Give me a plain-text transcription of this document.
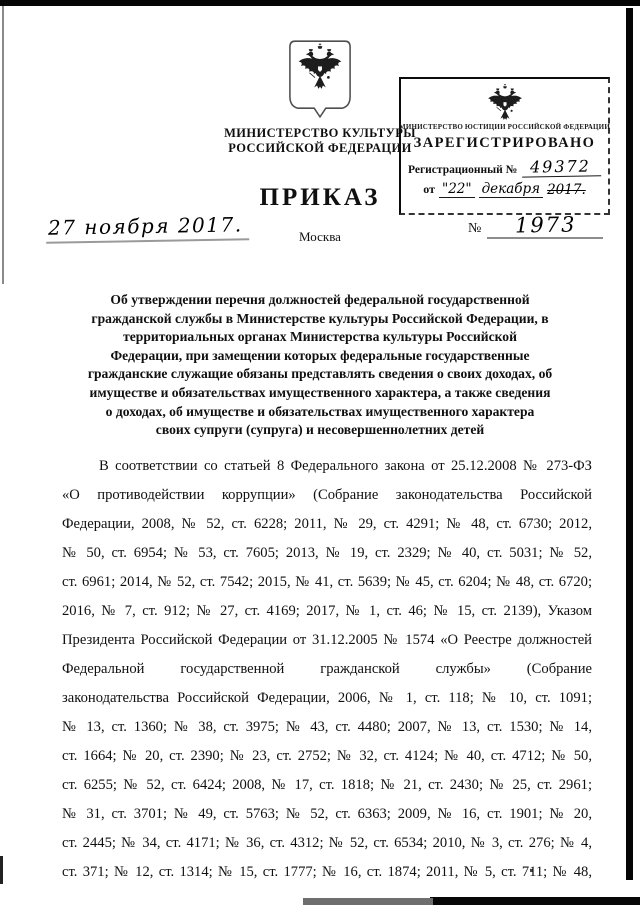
МИНИСТЕРСТВО КУЛЬТУРЫ
РОССИЙСКОЙ ФЕДЕРАЦИИ
МИНИСТЕРСТВО ЮСТИЦИИ РОССИЙСКОЙ ФЕДЕРАЦИИ
ЗАРЕГИСТРИРОВАНО
Регистрационный № 49372
от "22" декабря 2017.
ПРИКАЗ
27 ноября 2017.	Москва
№	1973
Об утверждении перечня должностей федеральной государственной
гражданской службы в Министерстве культуры Российской Федерации, в
территориальных органах Министерства культуры Российской
Федерации, при замещении которых федеральные государственные
гражданские служащие обязаны представлять сведения о своих доходах, об
имуществе и обязательствах имущественного характера, а также сведения
о доходах, об имуществе и обязательствах имущественного характера
своих супруги (супруга) и несовершеннолетних детей
В соответствии со статьей 8 Федерального закона от 25.12.2008 № 273-ФЗ
«О противодействии коррупции» (Собрание законодательства Российской
Федерации, 2008, № 52, ст. 6228; 2011, № 29, ст. 4291; № 48, ст. 6730; 2012,
№ 50, ст. 6954; № 53, ст. 7605; 2013, № 19, ст. 2329; № 40, ст. 5031; № 52,
ст. 6961; 2014, № 52, ст. 7542; 2015, № 41, ст. 5639; № 45, ст. 6204; № 48, ст. 6720;
2016, № 7, ст. 912; № 27, ст. 4169; 2017, № 1, ст. 46; № 15, ст. 2139), Указом
Президента Российской Федерации от 31.12.2005 № 1574 «О Реестре должностей
Федеральной государственной гражданской службы» (Собрание
законодательства Российской Федерации, 2006, № 1, ст. 118; № 10, ст. 1091;
№ 13, ст. 1360; № 38, ст. 3975; № 43, ст. 4480; 2007, № 13, ст. 1530; № 14,
ст. 1664; № 20, ст. 2390; № 23, ст. 2752; № 32, ст. 4124; № 40, ст. 4712; № 50,
ст. 6255; № 52, ст. 6424; 2008, № 17, ст. 1818; № 21, ст. 2430; № 25, ст. 2961;
№ 31, ст. 3701; № 49, ст. 5763; № 52, ст. 6363; 2009, № 16, ст. 1901; № 20,
ст. 2445; № 34, ст. 4171; № 36, ст. 4312; № 52, ст. 6534; 2010, № 3, ст. 276; № 4,
ст. 371; № 12, ст. 1314; № 15, ст. 1777; № 16, ст. 1874; 2011, № 5, ст. 711; № 48,
